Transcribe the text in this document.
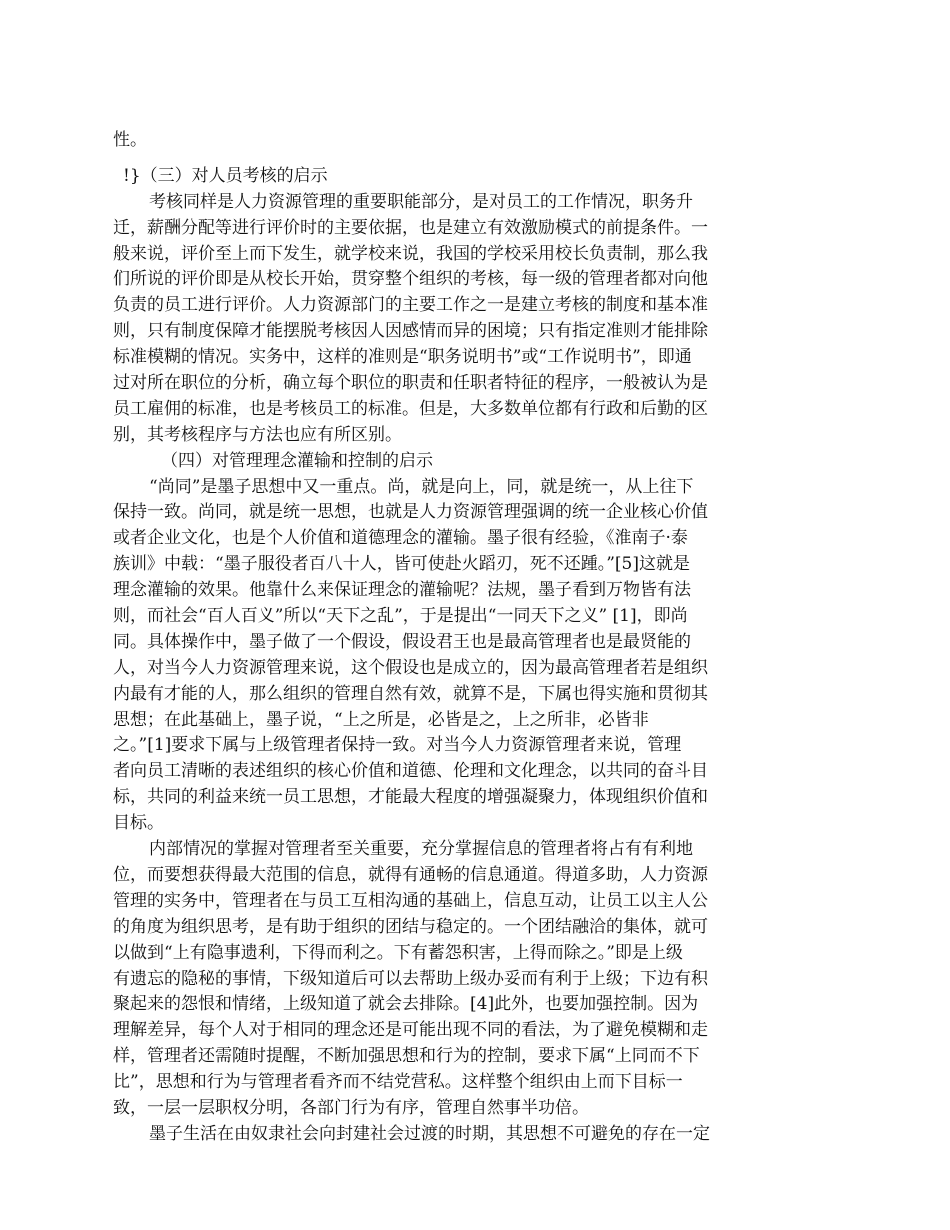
性。
!}（三）对人员考核的启示
考核同样是人力资源管理的重要职能部分，是对员工的工作情况，职务升
迁，薪酬分配等进行评价时的主要依据，也是建立有效激励模式的前提条件。一
般来说，评价至上而下发生，就学校来说，我国的学校采用校长负责制，那么我
们所说的评价即是从校长开始，贯穿整个组织的考核，每一级的管理者都对向他
负责的员工进行评价。人力资源部门的主要工作之一是建立考核的制度和基本准
则，只有制度保障才能摆脱考核因人因感情而异的困境；只有指定准则才能排除
标准模糊的情况。实务中，这样的准则是“职务说明书”或“工作说明书”，即通
过对所在职位的分析，确立每个职位的职责和任职者特征的程序，一般被认为是
员工雇佣的标准，也是考核员工的标准。但是，大多数单位都有行政和后勤的区
别，其考核程序与方法也应有所区别。
（四）对管理理念灌输和控制的启示
“尚同”是墨子思想中又一重点。尚，就是向上，同，就是统一，从上往下
保持一致。尚同，就是统一思想，也就是人力资源管理强调的统一企业核心价值
或者企业文化，也是个人价值和道德理念的灌输。墨子很有经验，《淮南子·泰
族训》中载：“墨子服役者百八十人，皆可使赴火蹈刃，死不还踵。”[5]这就是
理念灌输的效果。他靠什么来保证理念的灌输呢？法规，墨子看到万物皆有法
则，而社会“百人百义”所以“天下之乱”，于是提出“一同天下之义” [1]，即尚
同。具体操作中，墨子做了一个假设，假设君王也是最高管理者也是最贤能的
人，对当今人力资源管理来说，这个假设也是成立的，因为最高管理者若是组织
内最有才能的人，那么组织的管理自然有效，就算不是，下属也得实施和贯彻其
思想；在此基础上，墨子说，“上之所是，必皆是之，上之所非，必皆非
之。”[1]要求下属与上级管理者保持一致。对当今人力资源管理者来说，管理
者向员工清晰的表述组织的核心价值和道德、伦理和文化理念，以共同的奋斗目
标，共同的利益来统一员工思想，才能最大程度的增强凝聚力，体现组织价值和
目标。
内部情况的掌握对管理者至关重要，充分掌握信息的管理者将占有有利地
位，而要想获得最大范围的信息，就得有通畅的信息通道。得道多助，人力资源
管理的实务中，管理者在与员工互相沟通的基础上，信息互动，让员工以主人公
的角度为组织思考，是有助于组织的团结与稳定的。一个团结融洽的集体，就可
以做到“上有隐事遗利，下得而利之。下有蓄怨积害，上得而除之。”即是上级
有遗忘的隐秘的事情，下级知道后可以去帮助上级办妥而有利于上级；下边有积
聚起来的怨恨和情绪，上级知道了就会去排除。[4]此外，也要加强控制。因为
理解差异，每个人对于相同的理念还是可能出现不同的看法，为了避免模糊和走
样，管理者还需随时提醒，不断加强思想和行为的控制，要求下属“上同而不下
比”，思想和行为与管理者看齐而不结党营私。这样整个组织由上而下目标一
致，一层一层职权分明，各部门行为有序，管理自然事半功倍。
墨子生活在由奴隶社会向封建社会过渡的时期，其思想不可避免的存在一定
